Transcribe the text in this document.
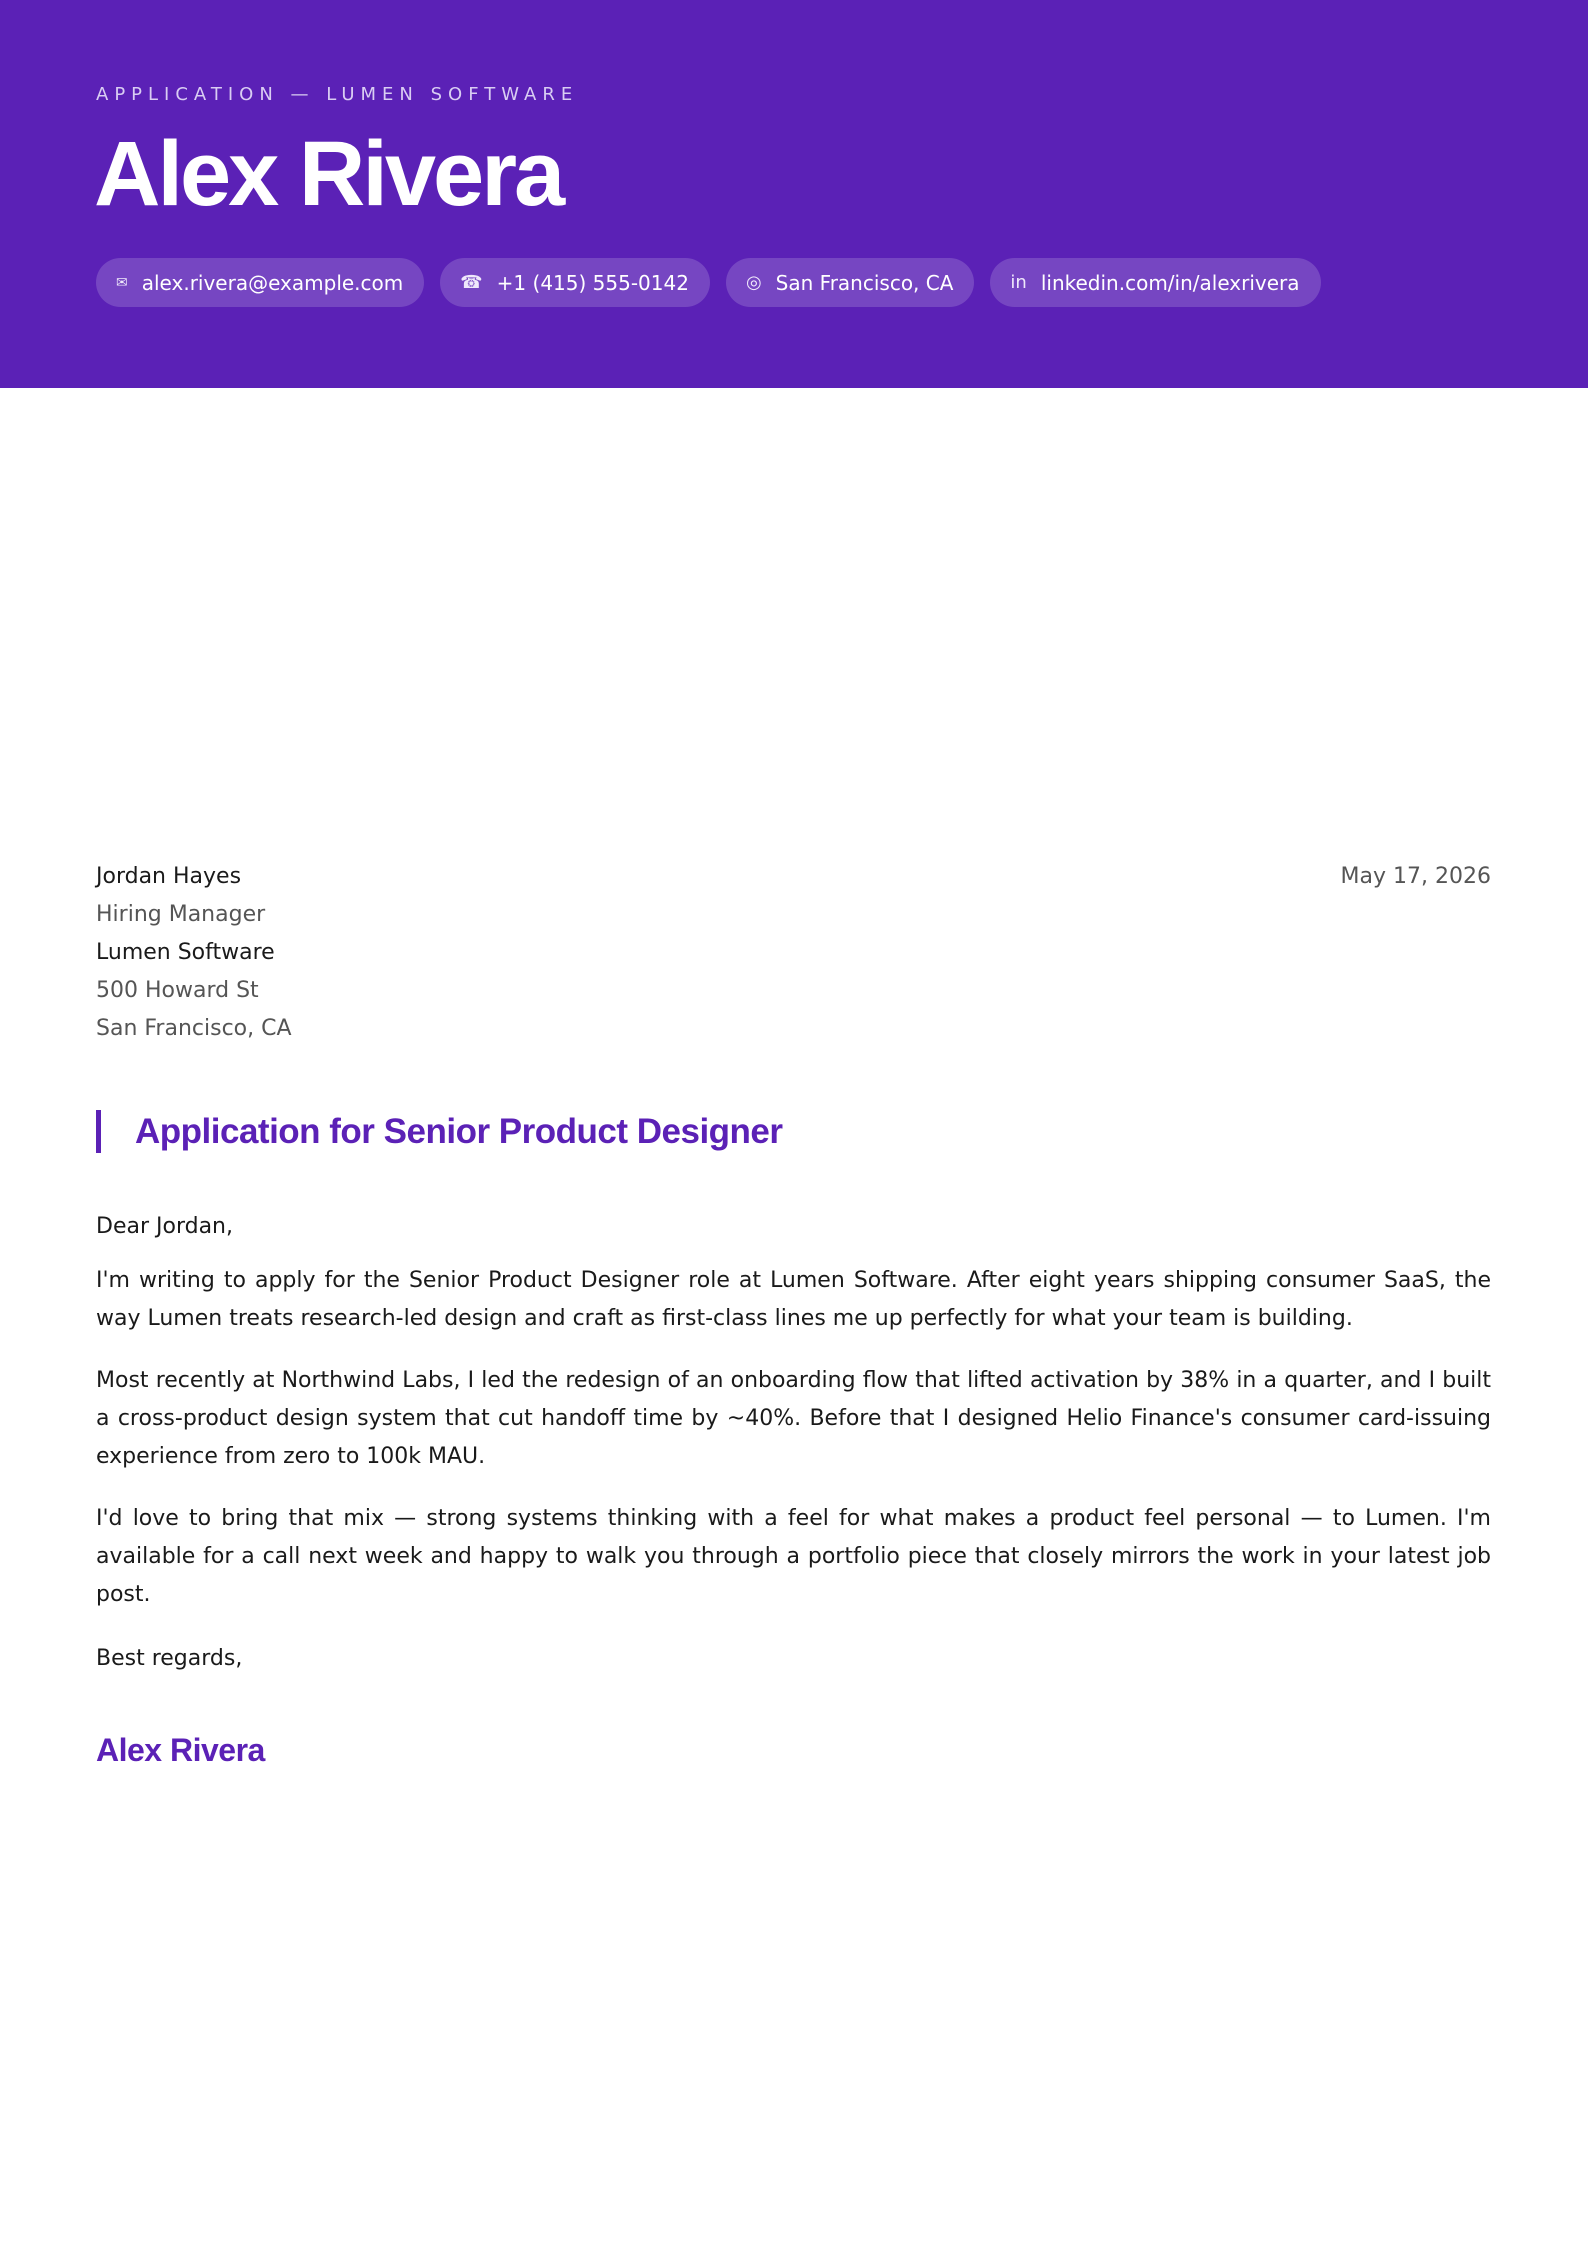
APPLICATION — LUMEN SOFTWARE
Alex Rivera
✉ alex.rivera@example.com	☎ +1 (415) 555-0142	◎ San Francisco, CA	in linkedin.com/in/alexrivera
Jordan Hayes
Hiring Manager
Lumen Software
500 Howard St
San Francisco, CA
May 17, 2026
Application for Senior Product Designer

Dear Jordan,

I'm writing to apply for the Senior Product Designer role at Lumen Software. After eight years shipping consumer SaaS, the way Lumen treats research-led design and craft as first-class lines me up perfectly for what your team is building.

Most recently at Northwind Labs, I led the redesign of an onboarding flow that lifted activation by 38% in a quarter, and I built a cross-product design system that cut handoff time by ~40%. Before that I designed Helio Finance's consumer card-issuing experience from zero to 100k MAU.

I'd love to bring that mix — strong systems thinking with a feel for what makes a product feel personal — to Lumen. I'm available for a call next week and happy to walk you through a portfolio piece that closely mirrors the work in your latest job post.

Best regards,
Alex Rivera
